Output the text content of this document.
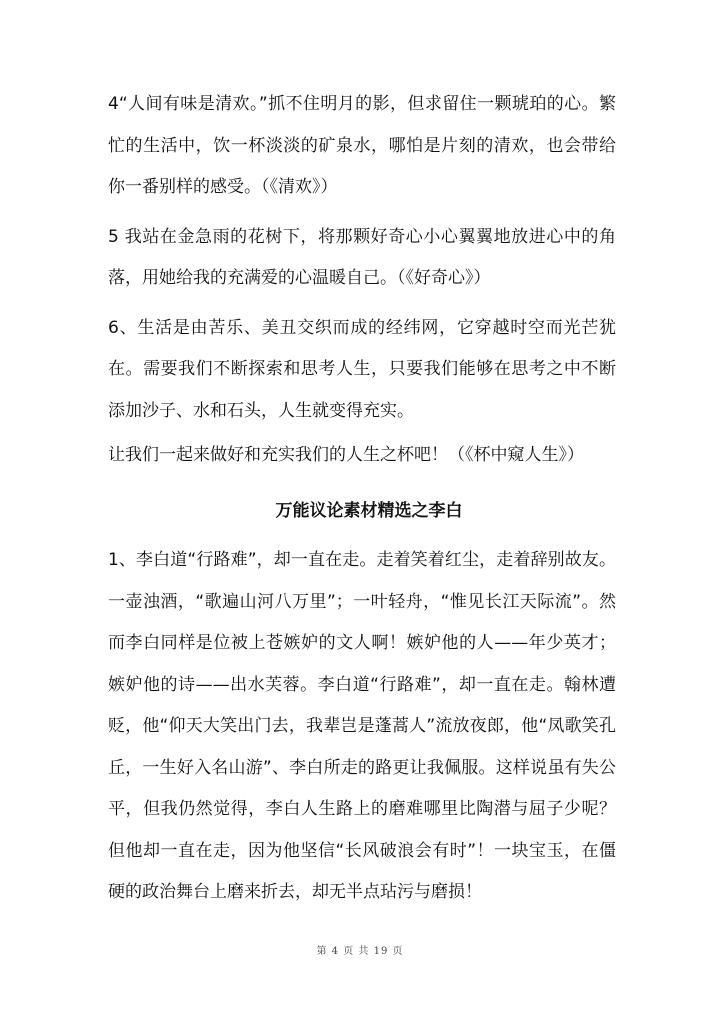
4“人间有味是清欢。”抓不住明月的影，但求留住一颗琥珀的心。繁忙的生活中，饮一杯淡淡的矿泉水，哪怕是片刻的清欢，也会带给你一番别样的感受。（《清欢》）

5 我站在金急雨的花树下，将那颗好奇心小心翼翼地放进心中的角落，用她给我的充满爱的心温暖自己。（《好奇心》）

6、生活是由苦乐、美丑交织而成的经纬网，它穿越时空而光芒犹在。需要我们不断探索和思考人生，只要我们能够在思考之中不断添加沙子、水和石头，人生就变得充实。

让我们一起来做好和充实我们的人生之杯吧！（《杯中窥人生》）

万能议论素材精选之李白

1、李白道“行路难”，却一直在走。走着笑着红尘，走着辞别故友。一壶浊酒，“歌遍山河八万里”；一叶轻舟，“惟见长江天际流”。然而李白同样是位被上苍嫉妒的文人啊！嫉妒他的人——年少英才；嫉妒他的诗——出水芙蓉。李白道“行路难”，却一直在走。翰林遭贬，他“仰天大笑出门去，我辈岂是蓬蒿人”流放夜郎，他“凤歌笑孔丘，一生好入名山游”、李白所走的路更让我佩服。这样说虽有失公平，但我仍然觉得，李白人生路上的磨难哪里比陶潜与屈子少呢？但他却一直在走，因为他坚信“长风破浪会有时”！一块宝玉，在僵硬的政治舞台上磨来折去，却无半点玷污与磨损！

第 4 页 共 19 页
